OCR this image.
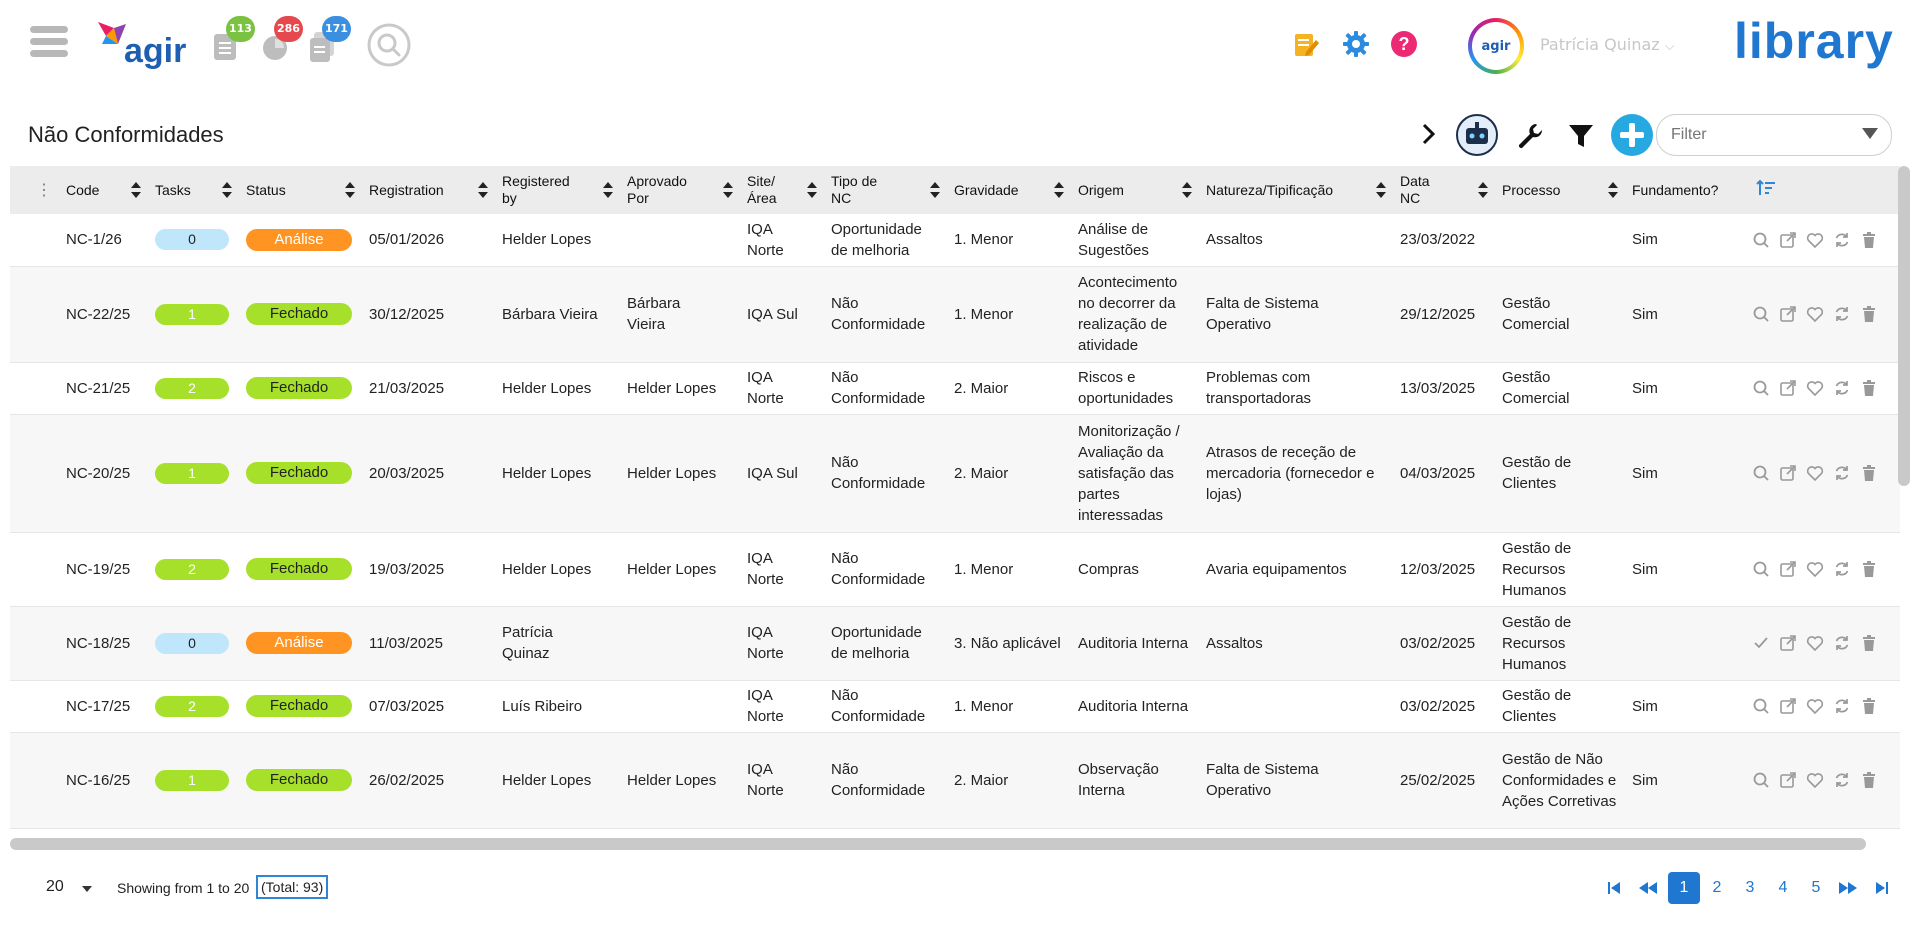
agir
113 286 171
?	agir	Patrícia Quinaz ⌵ library
Não Conformidades
Filter
⋮	Code	Tasks	Status	Registration	Registered by	Aprovado Por	Site/ Área	Tipo de NC	Gravidade	Origem	Natureza/Tipificação	Data NC	Processo	Fundamento?	

	NC-1/26	0	Análise	05/01/2026	Helder Lopes		IQA Norte	Oportunidade de melhoria	1. Menor	Análise de Sugestões	Assaltos	23/03/2022		Sim

	NC-22/25	1	Fechado	30/12/2025	Bárbara Vieira	Bárbara Vieira	IQA Sul	Não Conformidade	1. Menor	Acontecimento no decorrer da realização de atividade	Falta de Sistema Operativo	29/12/2025	Gestão Comercial	Sim

	NC-21/25	2	Fechado	21/03/2025	Helder Lopes	Helder Lopes	IQA Norte	Não Conformidade	2. Maior	Riscos e oportunidades	Problemas com transportadoras	13/03/2025	Gestão Comercial	Sim

	NC-20/25	1	Fechado	20/03/2025	Helder Lopes	Helder Lopes	IQA Sul	Não Conformidade	2. Maior	Monitorização / Avaliação da satisfação das partes interessadas	Atrasos de receção de mercadoria (fornecedor e lojas)	04/03/2025	Gestão de Clientes	Sim

	NC-19/25	2	Fechado	19/03/2025	Helder Lopes	Helder Lopes	IQA Norte	Não Conformidade	1. Menor	Compras	Avaria equipamentos	12/03/2025	Gestão de Recursos Humanos	Sim

	NC-18/25	0	Análise	11/03/2025	Patrícia Quinaz		IQA Norte	Oportunidade de melhoria	3. Não aplicável	Auditoria Interna	Assaltos	03/02/2025	Gestão de Recursos Humanos

	NC-17/25	2	Fechado	07/03/2025	Luís Ribeiro		IQA Norte	Não Conformidade	1. Menor	Auditoria Interna		03/02/2025	Gestão de Clientes	Sim

	NC-16/25	1	Fechado	26/02/2025	Helder Lopes	Helder Lopes	IQA Norte	Não Conformidade	2. Maior	Observação Interna	Falta de Sistema Operativo	25/02/2025	Gestão de Não Conformidades e Ações Corretivas	Sim

20	Showing from 1 to 20 (Total: 93)	1	2	3	4	5
